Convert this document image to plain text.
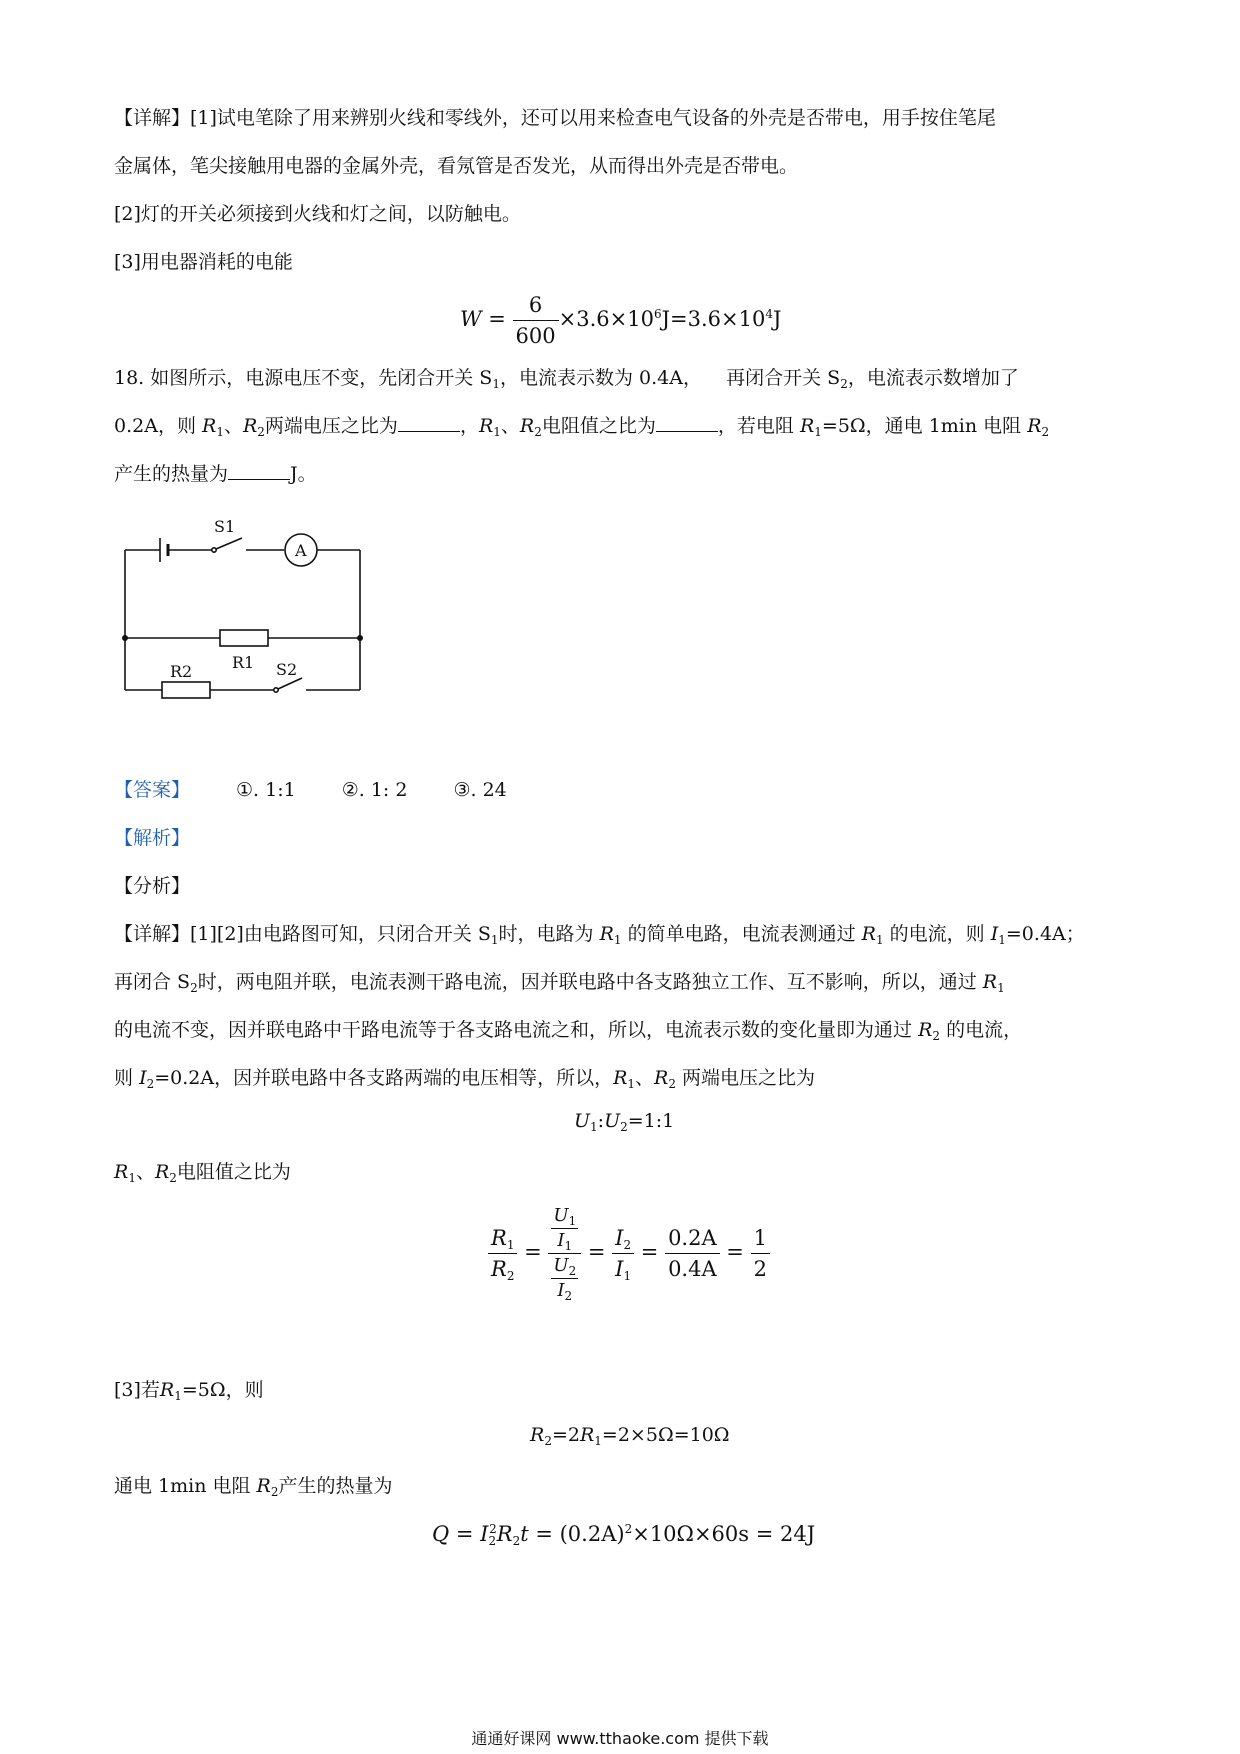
【详解】[1]试电笔除了用来辨别火线和零线外，还可以用来检查电气设备的外壳是否带电，用手按住笔尾
金属体，笔尖接触用电器的金属外壳，看氖管是否发光，从而得出外壳是否带电。
[2]灯的开关必须接到火线和灯之间，以防触电。
[3]用电器消耗的电能
$W = \frac{6}{600} \times 3.6\times 10^6J=3.6\times 10^4J$
18. 如图所示，电源电压不变，先闭合开关 $S_1$，电流表示数为 0.4A， 再闭合开关 $S_2$，电流表示数增加了
0.2A，则 $R_1$、$R_2$两端电压之比为	，$R_1$、$R_2$电阻值之比为	，若电阻 $R_1=5\Omega$，通电 1min 电阻 $R_2$
产生的热量为	J。
S1
A
R1
R2	S2
【答案】 ①. 1:1 ②. 1: 2 ③. 24
【解析】
【分析】
【详解】[1][2]由电路图可知，只闭合开关 $S_1$时，电路为 $R_1$ 的简单电路，电流表测通过 $R_1$ 的电流，则 $I_1=0.4A$；
再闭合 $S_2$时，两电阻并联，电流表测干路电流，因并联电路中各支路独立工作、互不影响，所以，通过 $R_1$
的电流不变，因并联电路中干路电流等于各支路电流之和，所以，电流表示数的变化量即为通过 $R_2$ 的电流，
则 $I_2=0.2A$，因并联电路中各支路两端的电压相等，所以，$R_1$、$R_2$ 两端电压之比为
$U_1:U_2=1:1$
$R_1$、$R_2$电阻值之比为
$\frac{R_1}{R_2} = \frac{\frac{U_1}{I_1}}{\frac{U_2}{I_2}} = \frac{I_2}{I_1} = \frac{0.2A}{0.4A} = \frac{1}{2}$
[3]若$R_1=5\Omega$，则
$R_2=2R_1=2\times 5\Omega=10\Omega$
通电 1min 电阻 $R_2$产生的热量为
$Q = I_2^2R_2t = (0.2A)^2\times 10\Omega\times 60s = 24J$
通通好课网 www.tthaoke.com 提供下载
